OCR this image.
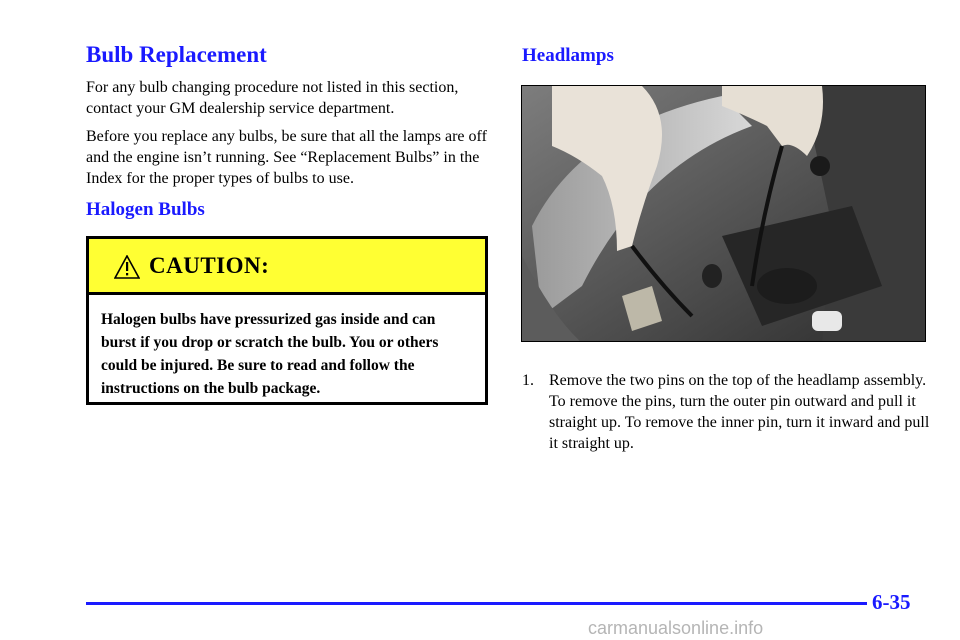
Bulb Replacement

For any bulb changing procedure not listed in this section, contact your GM dealership service department.

Before you replace any bulbs, be sure that all the lamps are off and the engine isn’t running. See “Replacement Bulbs” in the Index for the proper types of bulbs to use.

Halogen Bulbs
CAUTION:

Halogen bulbs have pressurized gas inside and can burst if you drop or scratch the bulb. You or others could be injured. Be sure to read and follow the instructions on the bulb package.

Headlamps
1. Remove the two pins on the top of the headlamp assembly. To remove the pins, turn the outer pin outward and pull it straight up. To remove the inner pin, turn it inward and pull it straight up.
6-35
carmanualsonline.info
